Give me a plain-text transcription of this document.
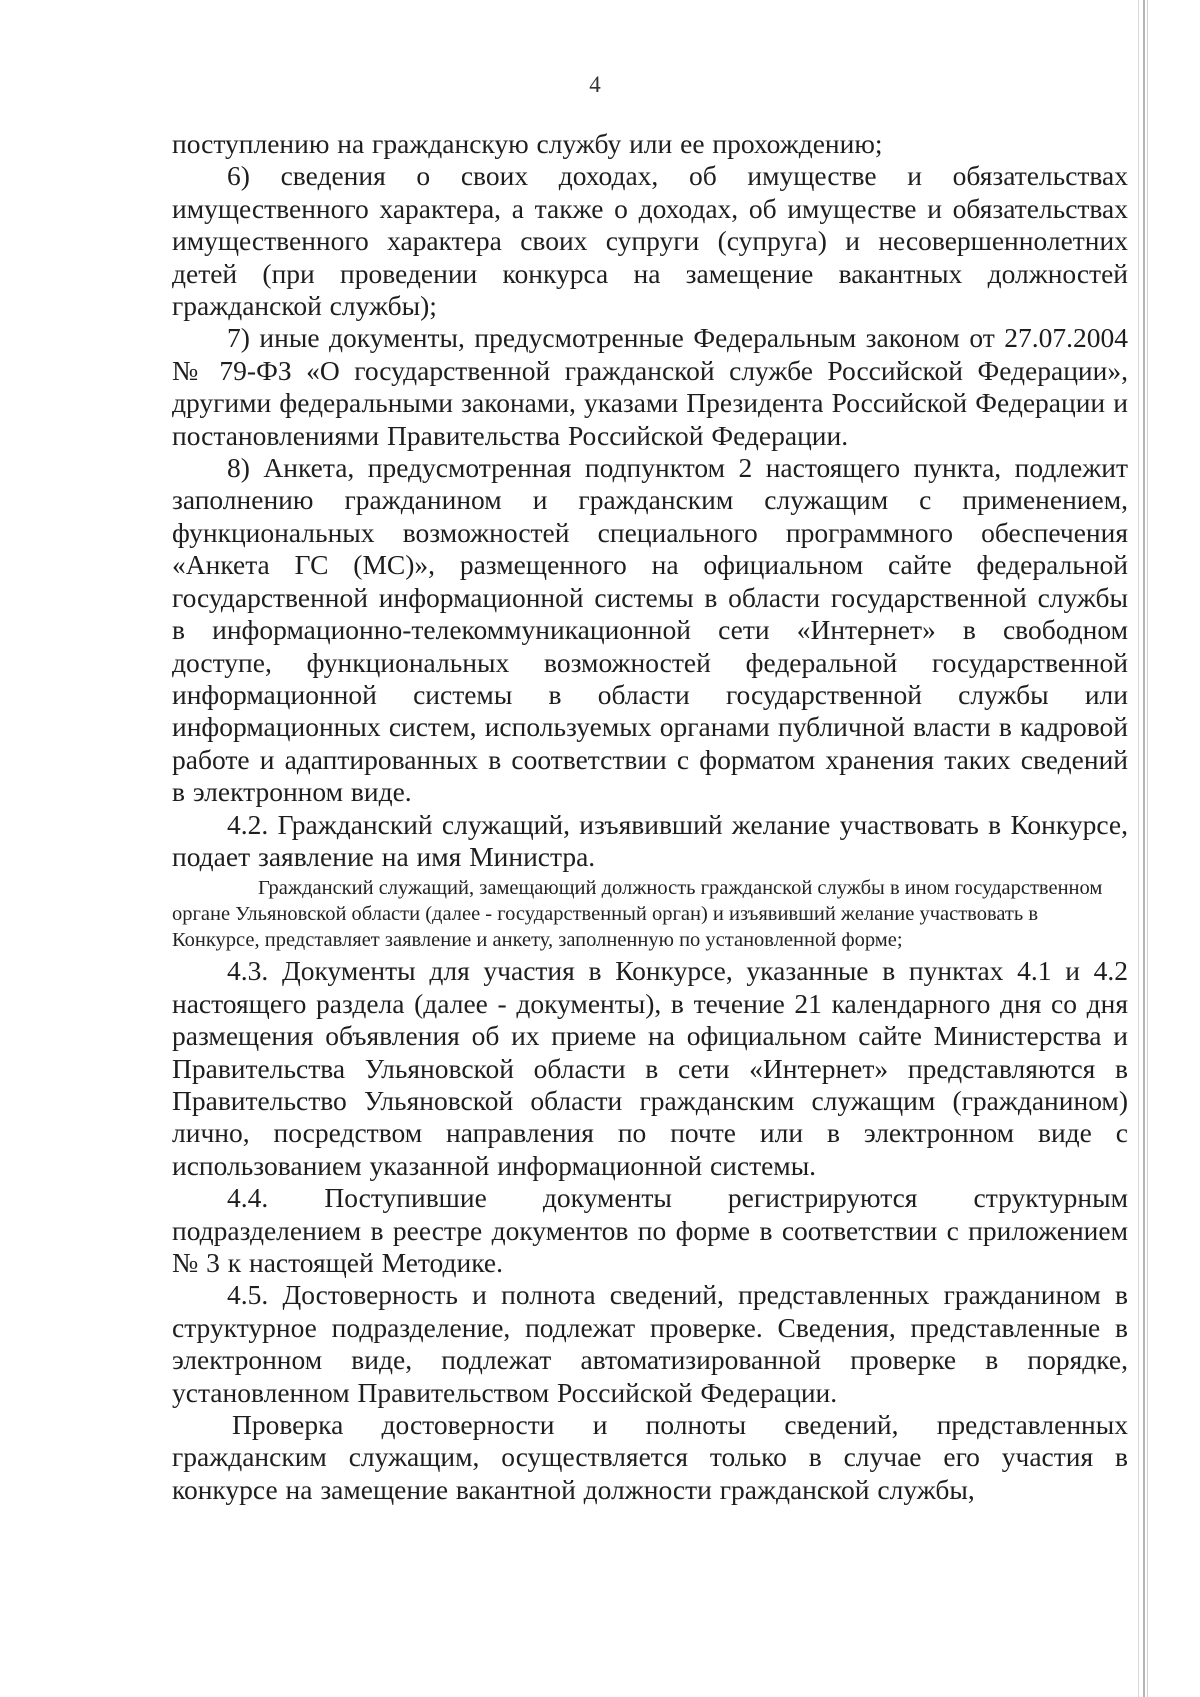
4

поступлению на гражданскую службу или ее прохождению;

6) сведения о своих доходах, об имуществе и обязательствах имущественного характера, а также о доходах, об имуществе и обязательствах имущественного характера своих супруги (супруга) и несовершеннолетних детей (при проведении конкурса на замещение вакантных должностей гражданской службы);

7) иные документы, предусмотренные Федеральным законом от 27.07.2004 № 79-ФЗ «О государственной гражданской службе Российской Федерации», другими федеральными законами, указами Президента Российской Федерации и постановлениями Правительства Российской Федерации.

8) Анкета, предусмотренная подпунктом 2 настоящего пункта, подлежит заполнению гражданином и гражданским служащим с применением, функциональных возможностей специального программного обеспечения «Анкета ГС (МС)», размещенного на официальном сайте федеральной государственной информационной системы в области государственной службы в информационно-телекоммуникационной сети «Интернет» в свободном доступе, функциональных возможностей федеральной государственной информационной системы в области государственной службы или информационных систем, используемых органами публичной власти в кадровой работе и адаптированных в соответствии с форматом хранения таких сведений в электронном виде.

4.2. Гражданский служащий, изъявивший желание участвовать в Конкурсе, подает заявление на имя Министра.

Гражданский служащий, замещающий должность гражданской службы в ином государственном органе Ульяновской области (далее - государственный орган) и изъявивший желание участвовать в Конкурсе, представляет заявление и анкету, заполненную по установленной форме;

4.3. Документы для участия в Конкурсе, указанные в пунктах 4.1 и 4.2 настоящего раздела (далее - документы), в течение 21 календарного дня со дня размещения объявления об их приеме на официальном сайте Министерства и Правительства Ульяновской области в сети «Интернет» представляются в Правительство Ульяновской области гражданским служащим (гражданином) лично, посредством направления по почте или в электронном виде с использованием указанной информационной системы.

4.4. Поступившие документы регистрируются структурным подразделением в реестре документов по форме в соответствии с приложением № 3 к настоящей Методике.

4.5. Достоверность и полнота сведений, представленных гражданином в структурное подразделение, подлежат проверке. Сведения, представленные в электронном виде, подлежат автоматизированной проверке в порядке, установленном Правительством Российской Федерации.

Проверка достоверности и полноты сведений, представленных гражданским служащим, осуществляется только в случае его участия в конкурсе на замещение вакантной должности гражданской службы,
